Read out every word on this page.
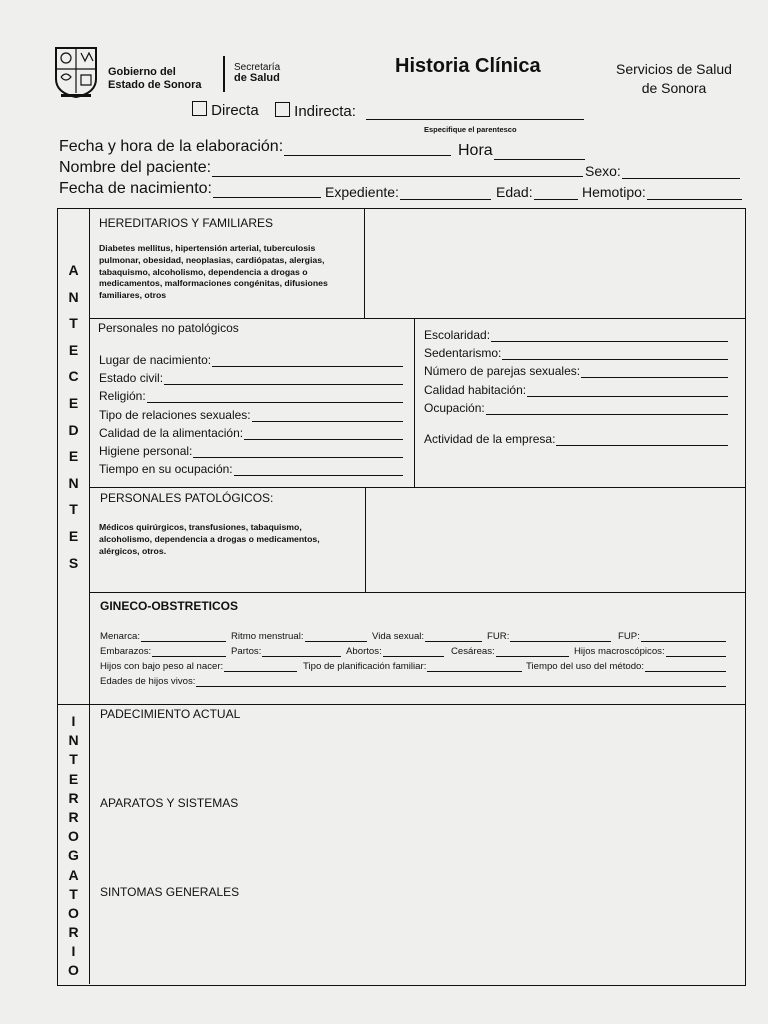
Gobierno del
Estado de Sonora
Secretaría
de Salud
Historia Clínica	Servicios de Salud
de Sonora
Directa	Indirecta:
Especifique el parentesco
Fecha y hora de la elaboración:	Hora
Nombre del paciente:	Sexo:
Fecha de nacimiento:	Expediente:	Edad:	Hemotipo:
A
N
T
E
C
E
D
E
N
T
E
S
I
N
T
E
R
R
O
G
A
T
O
R
I
O
HEREDITARIOS Y FAMILIARES
Diabetes mellitus, hipertensión arterial, tuberculosis pulmonar, obesidad, neoplasias, cardiópatas, alergias, tabaquismo, alcoholismo, dependencia a drogas o medicamentos, malformaciones congénitas, difusiones familiares, otros
Personales no patológicos
Lugar de nacimiento:
Estado civil:
Religión:
Tipo de relaciones sexuales:
Calidad de la alimentación:
Higiene personal:
Tiempo en su ocupación:
Escolaridad:
Sedentarismo:
Número de parejas sexuales:
Calidad habitación:
Ocupación:
Actividad de la empresa:
PERSONALES PATOLÓGICOS:
Médicos quirúrgicos, transfusiones, tabaquismo, alcoholismo, dependencia a drogas o medicamentos, alérgicos, otros.
GINECO-OBSTRETICOS
Menarca:	Ritmo menstrual:	Vida sexual:	FUR:	FUP:
Embarazos:	Partos:	Abortos:	Cesáreas:	Hijos macroscópicos:
Hijos con bajo peso al nacer:	Tipo de planificación familiar:	Tiempo del uso del método:
Edades de hijos vivos:
PADECIMIENTO ACTUAL
APARATOS Y SISTEMAS
SINTOMAS GENERALES
